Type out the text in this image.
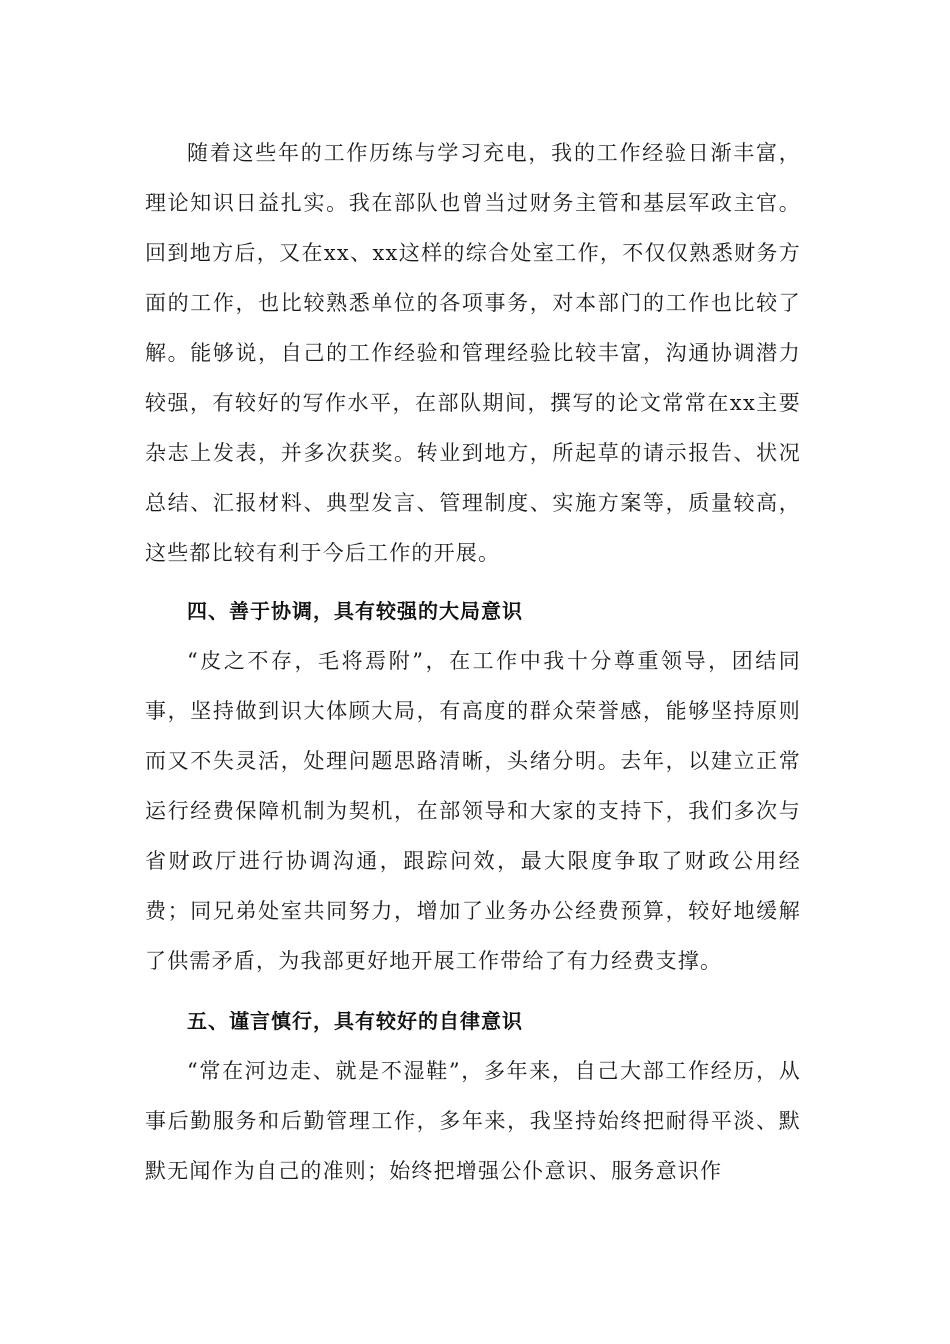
随着这些年的工作历练与学习充电，我的工作经验日渐丰富，理论知识日益扎实。我在部队也曾当过财务主管和基层军政主官。回到地方后，又在xx、xx这样的综合处室工作，不仅仅熟悉财务方面的工作，也比较熟悉单位的各项事务，对本部门的工作也比较了解。能够说，自己的工作经验和管理经验比较丰富，沟通协调潜力较强，有较好的写作水平，在部队期间，撰写的论文常常在xx主要杂志上发表，并多次获奖。转业到地方，所起草的请示报告、状况总结、汇报材料、典型发言、管理制度、实施方案等，质量较高，这些都比较有利于今后工作的开展。

四、善于协调，具有较强的大局意识

“皮之不存，毛将焉附”，在工作中我十分尊重领导，团结同事，坚持做到识大体顾大局，有高度的群众荣誉感，能够坚持原则而又不失灵活，处理问题思路清晰，头绪分明。去年，以建立正常运行经费保障机制为契机，在部领导和大家的支持下，我们多次与省财政厅进行协调沟通，跟踪问效，最大限度争取了财政公用经费；同兄弟处室共同努力，增加了业务办公经费预算，较好地缓解了供需矛盾，为我部更好地开展工作带给了有力经费支撑。

五、谨言慎行，具有较好的自律意识

“常在河边走、就是不湿鞋”，多年来，自己大部工作经历，从事后勤服务和后勤管理工作，多年来，我坚持始终把耐得平淡、默默无闻作为自己的准则；始终把增强公仆意识、服务意识作
